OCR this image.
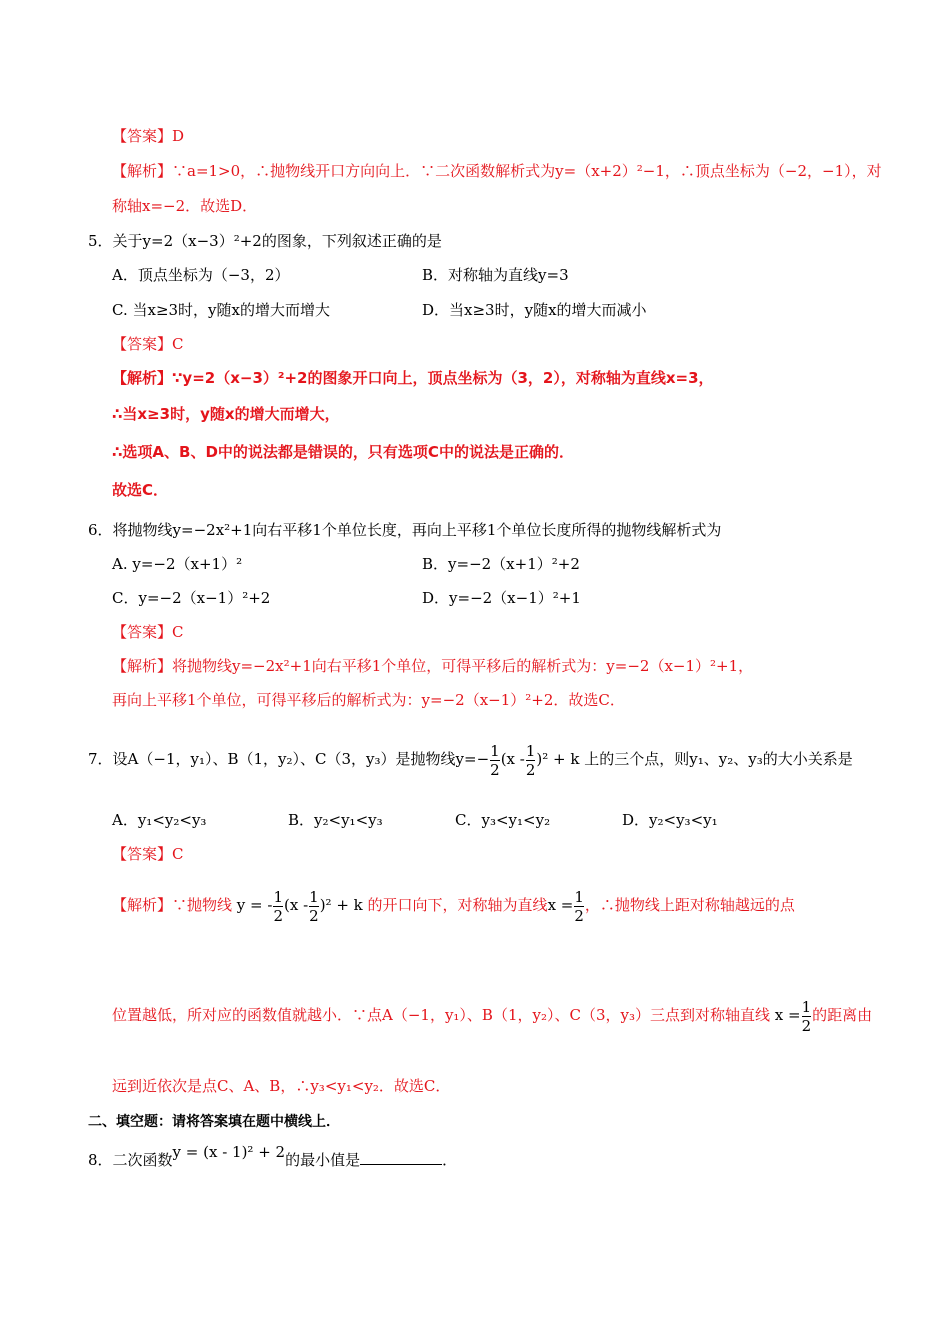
【答案】D
【解析】∵a=1>0，∴抛物线开口方向向上．∵二次函数解析式为y=（x+2）²−1，∴顶点坐标为（−2，−1），对
称轴x=−2．故选D．
5．关于y=2（x−3）²+2的图象，下列叙述正确的是
A．顶点坐标为（−3，2）	B．对称轴为直线y=3
C. 当x≥3时，y随x的增大而增大	D．当x≥3时，y随x的增大而减小
【答案】C
【解析】∵y=2（x−3）²+2的图象开口向上，顶点坐标为（3，2），对称轴为直线x=3，
∴当x≥3时，y随x的增大而增大，
∴选项A、B、D中的说法都是错误的，只有选项C中的说法是正确的．
故选C．
6．将抛物线y=−2x²+1向右平移1个单位长度，再向上平移1个单位长度所得的抛物线解析式为
A. y=−2（x+1）²	B．y=−2（x+1）²+2
C．y=−2（x−1）²+2	D．y=−2（x−1）²+1
【答案】C
【解析】将抛物线y=−2x²+1向右平移1个单位，可得平移后的解析式为：y=−2（x−1）²+1，
再向上平移1个单位，可得平移后的解析式为：y=−2（x−1）²+2．故选C．
7．设A（−1，y₁）、B（1，y₂）、C（3，y₃）是抛物线$y=- \frac{1}{2} (x - \frac{1}{2} )^2 + k$ 上的三个点，则y₁、y₂、y₃的大小关系是
A．y₁<y₂<y₃	B．y₂<y₁<y₃	C．y₃<y₁<y₂	D．y₂<y₃<y₁
【答案】C
【解析】∵抛物线 y = - $\frac{1}{2} (x - \frac{1}{2} )^2 + k$ 的开口向下，对称轴为直线$x = \frac{1}{2}$ ，∴抛物线上距对称轴越远的点
位置越低，所对应的函数值就越小．∵点A（−1，y₁）、B（1，y₂）、C（3，y₃）三点到对称轴直线 $x = \frac{1}{2}$ 的距离由
远到近依次是点C、A、B，∴y₃<y₁<y₂．故选C．
二、填空题：请将答案填在题中横线上．
8．二次函数y = (x - 1)² + 2的最小值是	．
